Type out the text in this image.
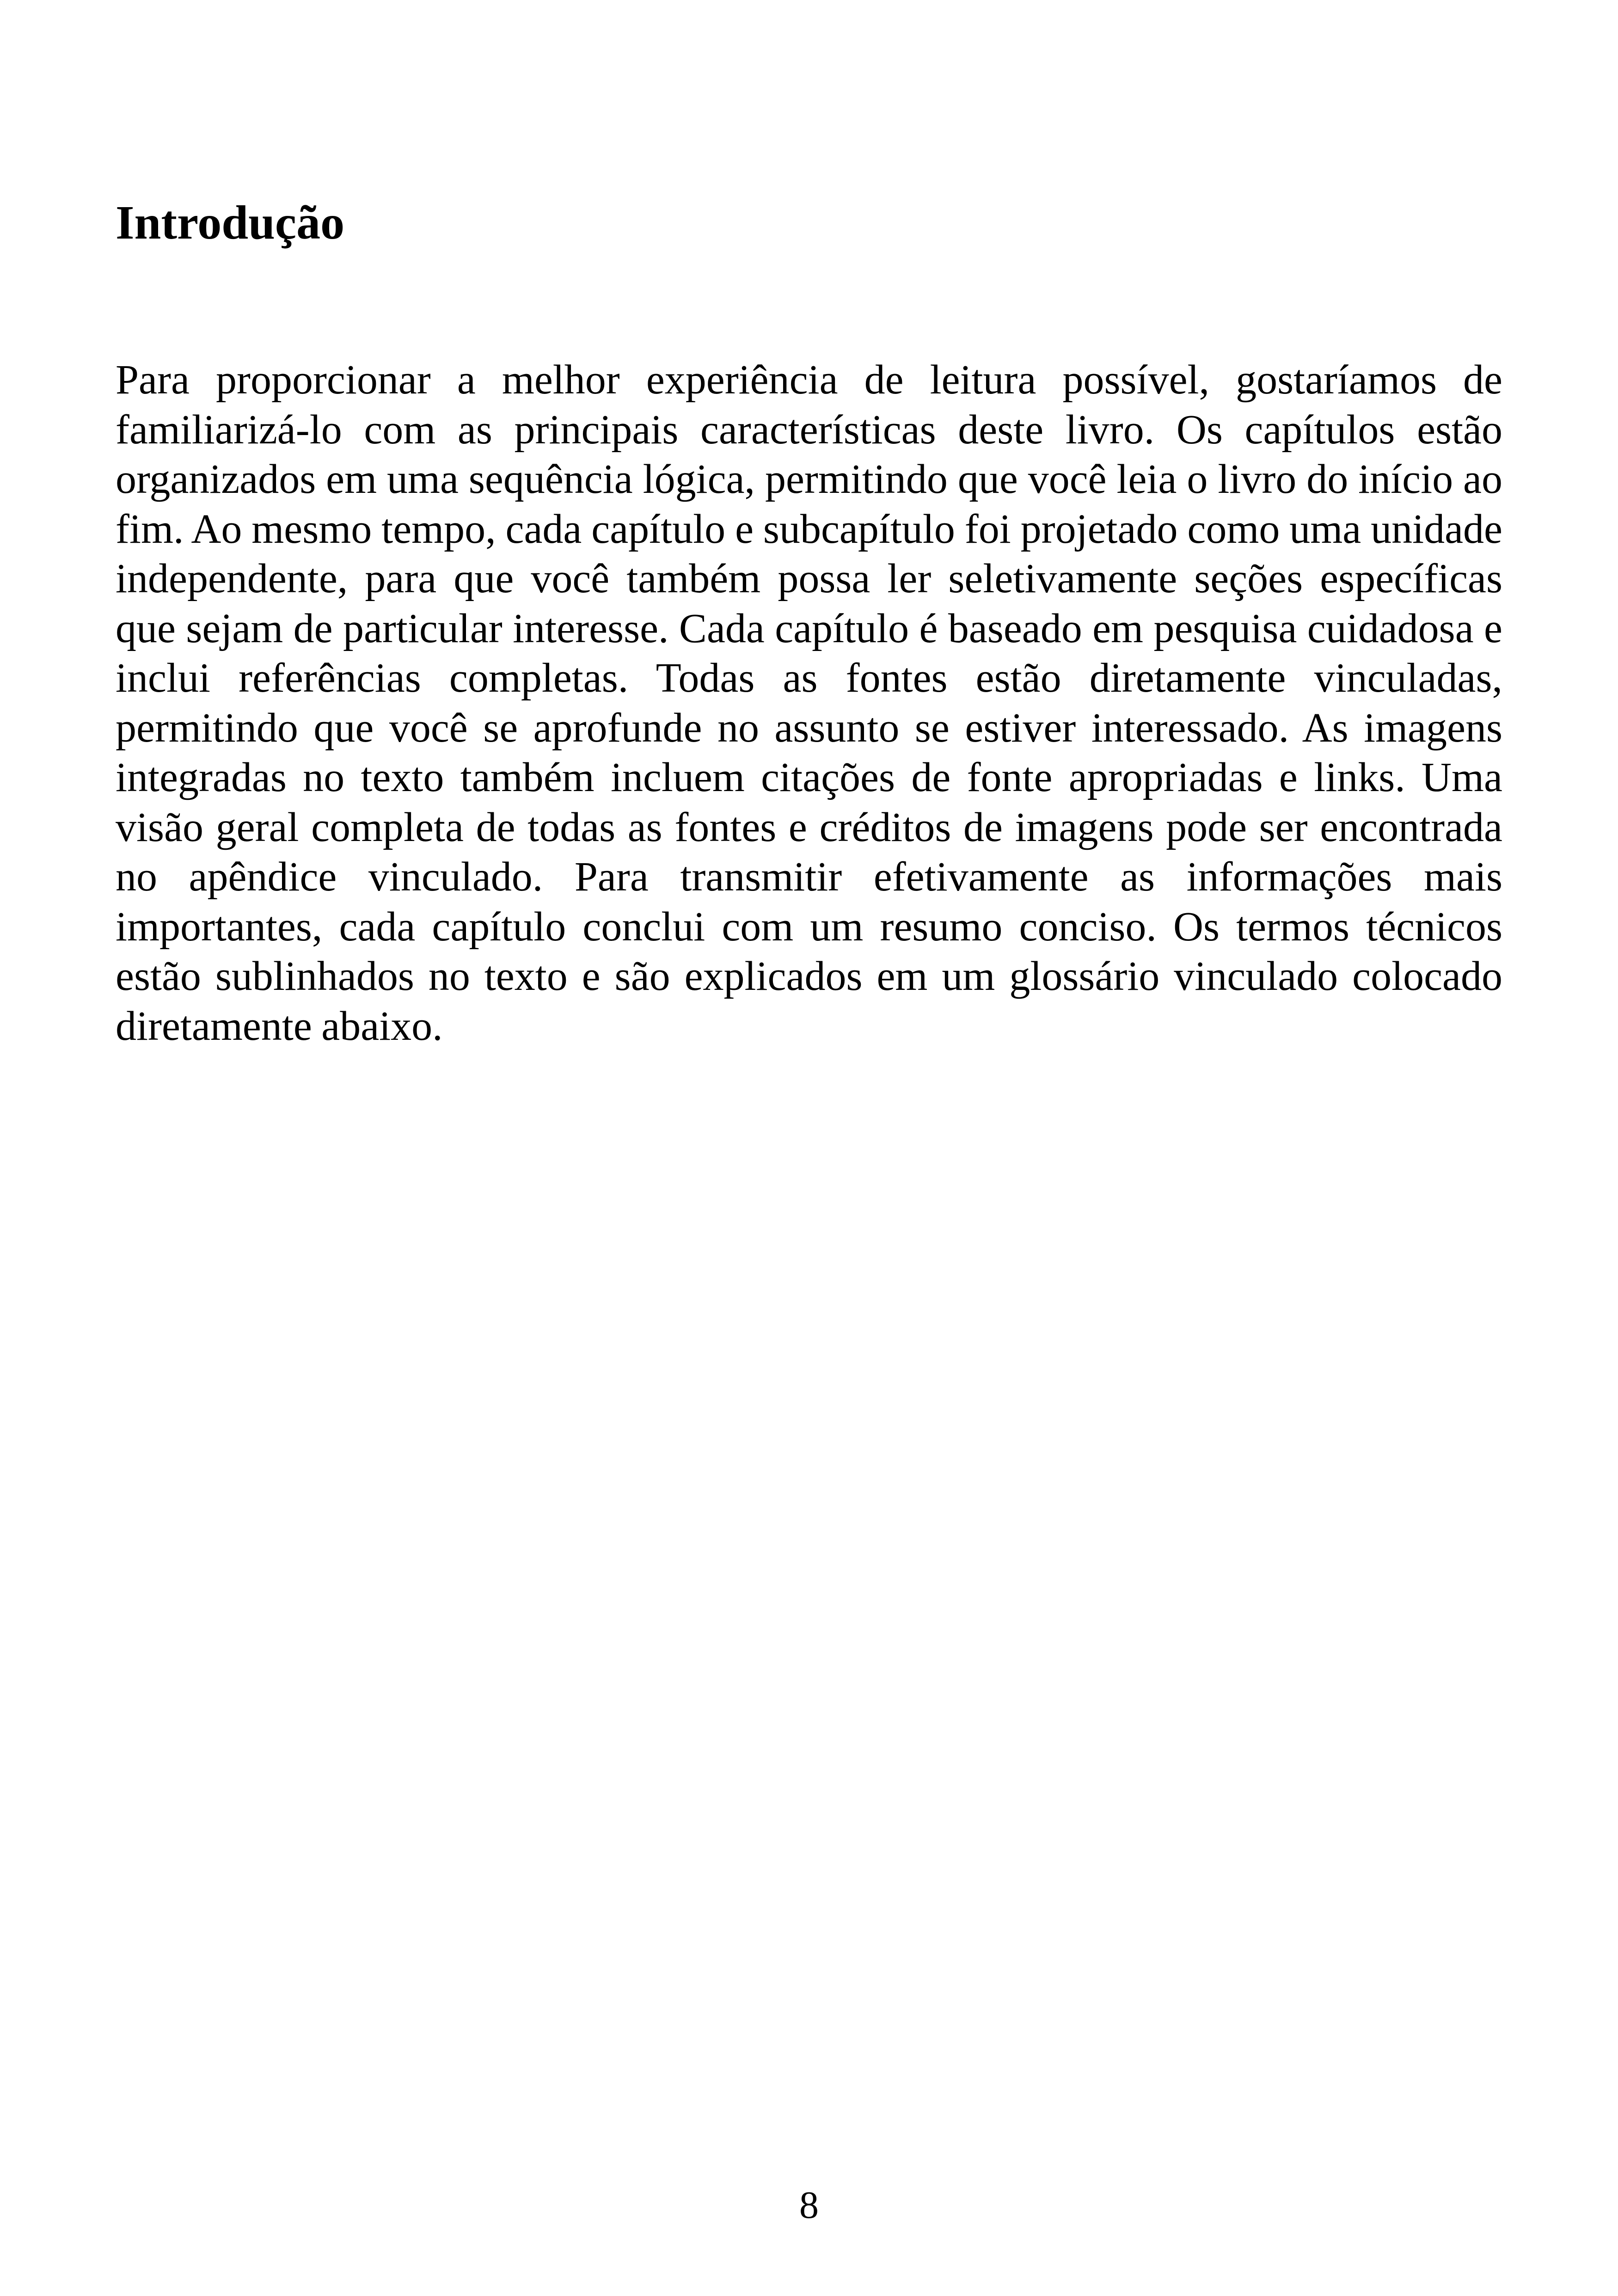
Introdução

Para proporcionar a melhor experiência de leitura possível, gostaríamos de familiarizá-lo com as principais características deste livro. Os capítulos estão organizados em uma sequência lógica, permitindo que você leia o livro do início ao fim. Ao mesmo tempo, cada capítulo e subcapítulo foi projetado como uma unidade independente, para que você também possa ler seletivamente seções específicas que sejam de particular interesse. Cada capítulo é baseado em pesquisa cuidadosa e inclui referências completas. Todas as fontes estão diretamente vinculadas, permitindo que você se aprofunde no assunto se estiver interessado. As imagens integradas no texto também incluem citações de fonte apropriadas e links. Uma visão geral completa de todas as fontes e créditos de imagens pode ser encontrada no apêndice vinculado. Para transmitir efetivamente as informações mais importantes, cada capítulo conclui com um resumo conciso. Os termos técnicos estão sublinhados no texto e são explicados em um glossário vinculado colocado diretamente abaixo.

8
